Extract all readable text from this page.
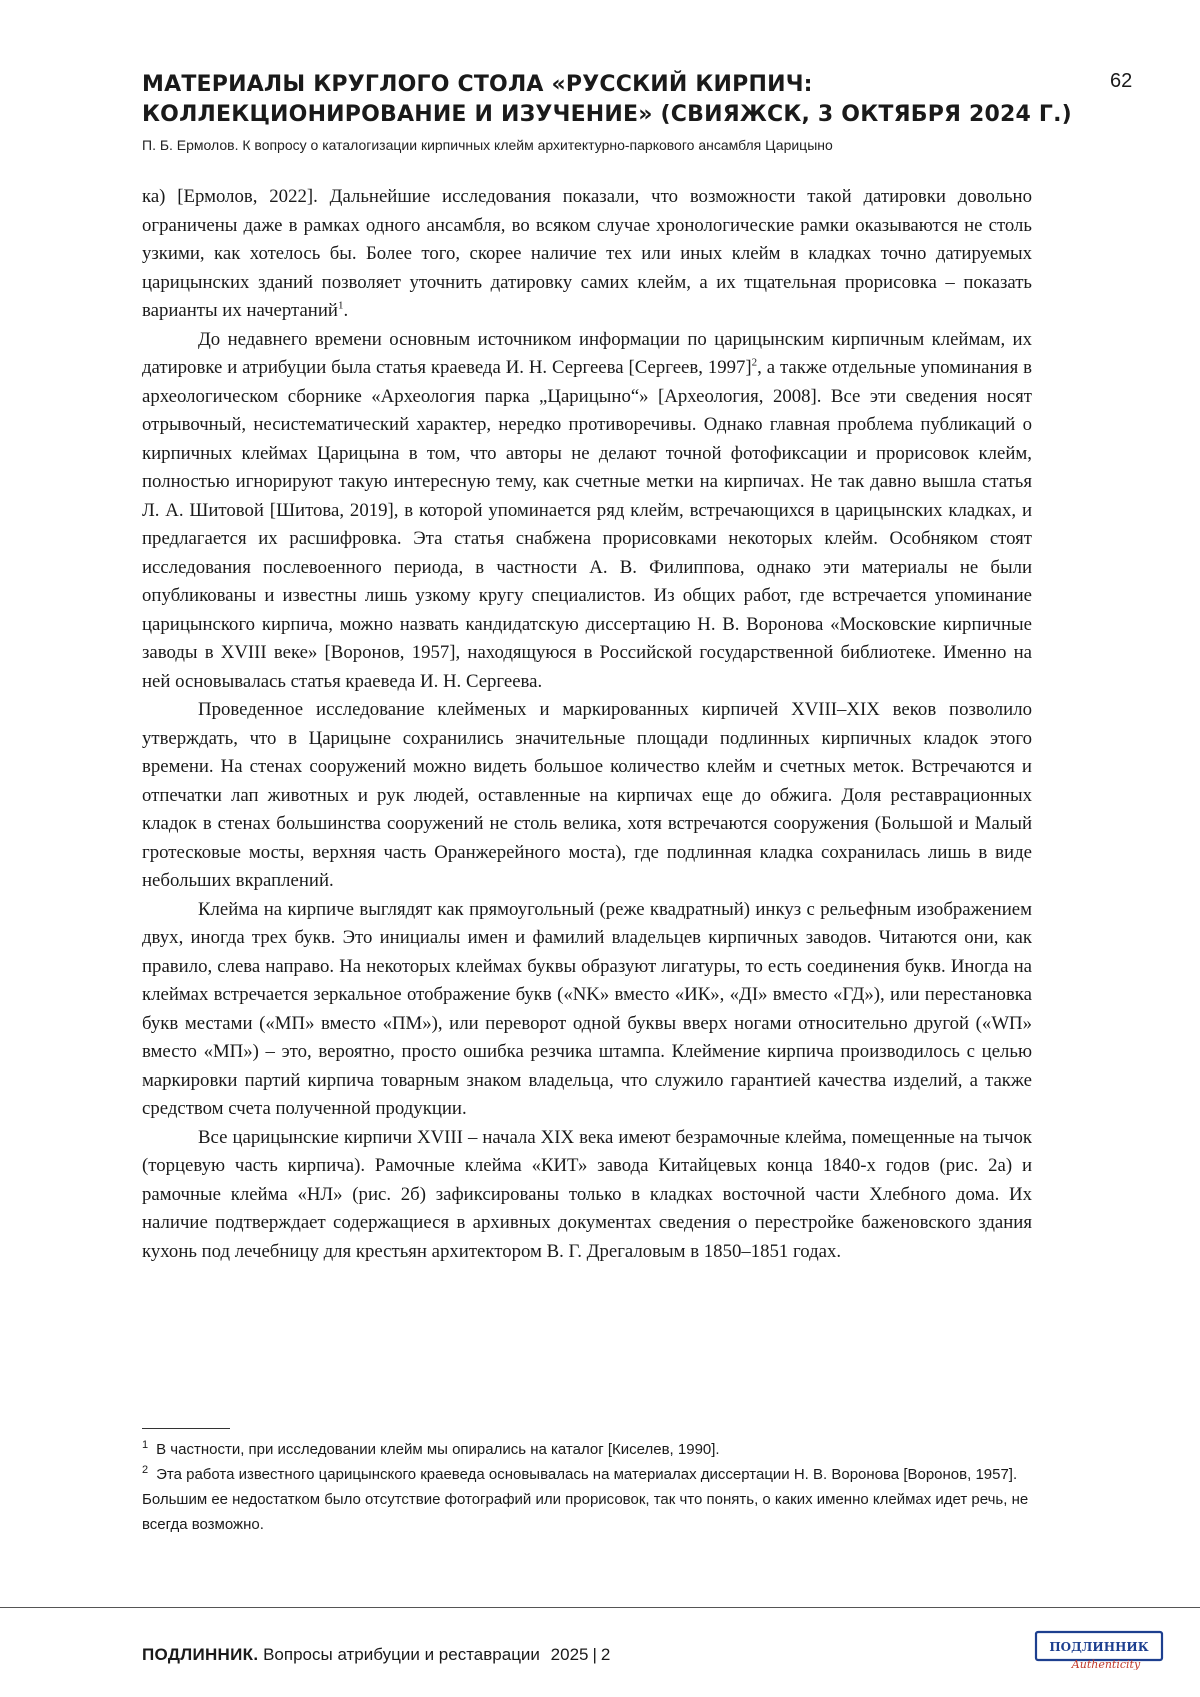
МАТЕРИАЛЫ КРУГЛОГО СТОЛА «РУССКИЙ КИРПИЧ: КОЛЛЕКЦИОНИРОВАНИЕ И ИЗУЧЕНИЕ» (СВИЯЖСК, 3 ОКТЯБРЯ 2024 Г.)
62
П. Б. Ермолов. К вопросу о каталогизации кирпичных клейм архитектурно-паркового ансамбля Царицыно

ка) [Ермолов, 2022]. Дальнейшие исследования показали, что возможности такой датировки довольно ограничены даже в рамках одного ансамбля, во всяком случае хронологические рамки оказываются не столь узкими, как хотелось бы. Более того, скорее наличие тех или иных клейм в кладках точно датируемых царицынских зданий позволяет уточнить датировку самих клейм, а их тщательная прорисовка – показать варианты их начертаний1.

До недавнего времени основным источником информации по царицынским кирпичным клеймам, их датировке и атрибуции была статья краеведа И. Н. Сергеева [Сергеев, 1997]2, а также отдельные упоминания в археологическом сборнике «Археология парка „Царицыно“» [Археология, 2008]. Все эти сведения носят отрывочный, несистематический характер, нередко противоречивы. Однако главная проблема публикаций о кирпичных клеймах Царицына в том, что авторы не делают точной фотофиксации и прорисовок клейм, полностью игнорируют такую интересную тему, как счетные метки на кирпичах. Не так давно вышла статья Л. А. Шитовой [Шитова, 2019], в которой упоминается ряд клейм, встречающихся в царицынских кладках, и предлагается их расшифровка. Эта статья снабжена прорисовками некоторых клейм. Особняком стоят исследования послевоенного периода, в частности А. В. Филиппова, однако эти материалы не были опубликованы и известны лишь узкому кругу специалистов. Из общих работ, где встречается упоминание царицынского кирпича, можно назвать кандидатскую диссертацию Н. В. Воронова «Московские кирпичные заводы в XVIII веке» [Воронов, 1957], находящуюся в Российской государственной библиотеке. Именно на ней основывалась статья краеведа И. Н. Сергеева.

Проведенное исследование клейменых и маркированных кирпичей XVIII–XIX веков позволило утверждать, что в Царицыне сохранились значительные площади подлинных кирпичных кладок этого времени. На стенах сооружений можно видеть большое количество клейм и счетных меток. Встречаются и отпечатки лап животных и рук людей, оставленные на кирпичах еще до обжига. Доля реставрационных кладок в стенах большинства сооружений не столь велика, хотя встречаются сооружения (Большой и Малый гротесковые мосты, верхняя часть Оранжерейного моста), где подлинная кладка сохранилась лишь в виде небольших вкраплений.

Клейма на кирпиче выглядят как прямоугольный (реже квадратный) инкуз с рельефным изображением двух, иногда трех букв. Это инициалы имен и фамилий владельцев кирпичных заводов. Читаются они, как правило, слева направо. На некоторых клеймах буквы образуют лигатуры, то есть соединения букв. Иногда на клеймах встречается зеркальное отображение букв («NK» вместо «ИК», «ДI» вместо «ГД»), или перестановка букв местами («МП» вместо «ПМ»), или переворот одной буквы вверх ногами относительно другой («WП» вместо «МП») – это, вероятно, просто ошибка резчика штампа. Клеймение кирпича производилось с целью маркировки партий кирпича товарным знаком владельца, что служило гарантией качества изделий, а также средством счета полученной продукции.

Все царицынские кирпичи XVIII – начала XIX века имеют безрамочные клейма, помещенные на тычок (торцевую часть кирпича). Рамочные клейма «КИТ» завода Китайцевых конца 1840-х годов (рис. 2а) и рамочные клейма «НЛ» (рис. 2б) зафиксированы только в кладках восточной части Хлебного дома. Их наличие подтверждает содержащиеся в архивных документах сведения о перестройке баженовского здания кухонь под лечебницу для крестьян архитектором В. Г. Дрегаловым в 1850–1851 годах.

1 В частности, при исследовании клейм мы опирались на каталог [Киселев, 1990].

2 Эта работа известного царицынского краеведа основывалась на материалах диссертации Н. В. Воронова [Воронов, 1957]. Большим ее недостатком было отсутствие фотографий или прорисовок, так что понять, о каких именно клеймах идет речь, не всегда возможно.

ПОДЛИННИК. Вопросы атрибуции и реставрации 2025 | 2	ПОДЛИННИК
Authenticity
